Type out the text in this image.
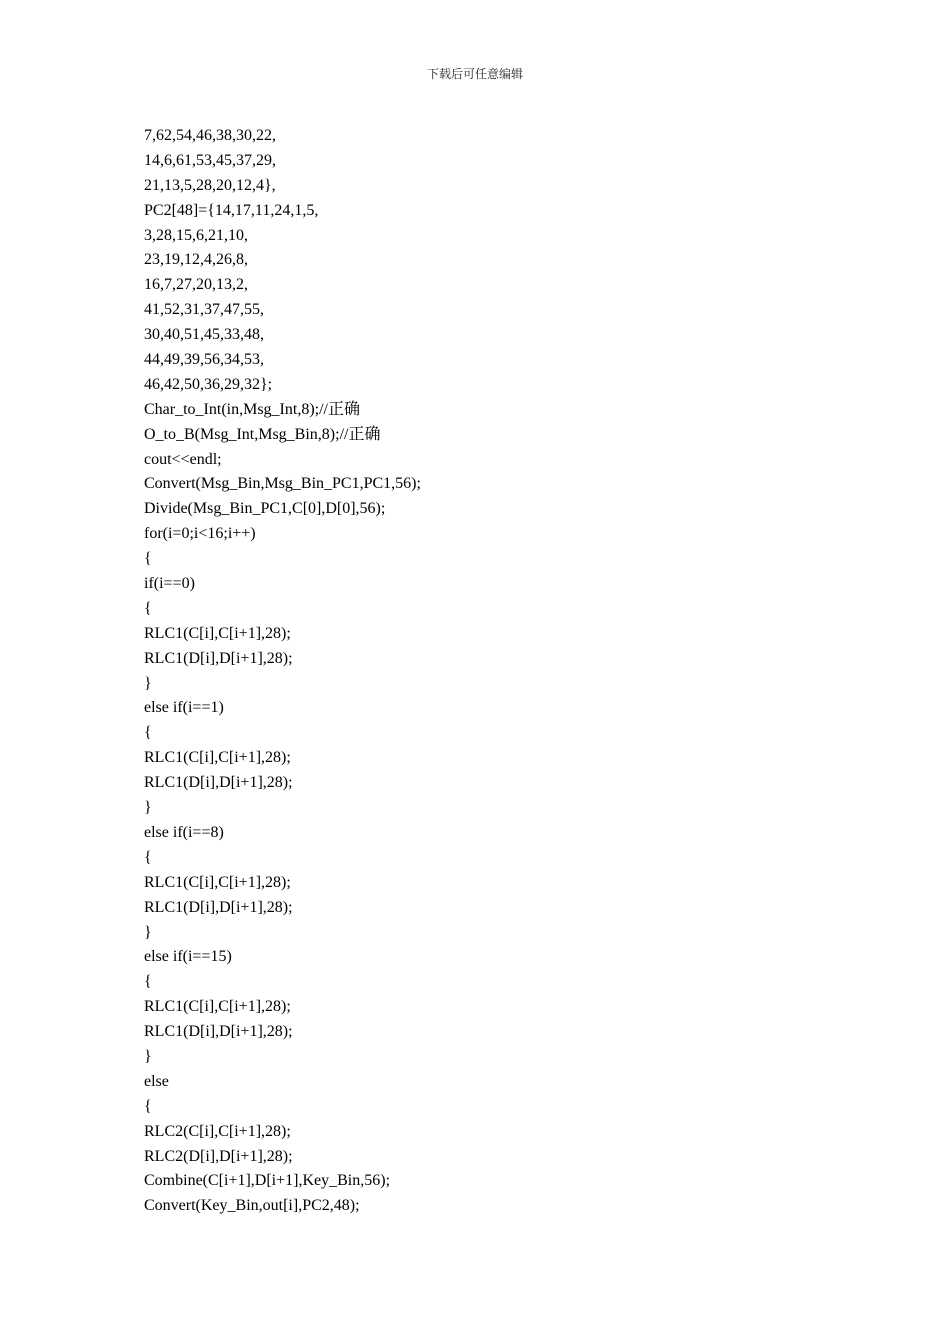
下载后可任意编辑
7,62,54,46,38,30,22,
14,6,61,53,45,37,29,
21,13,5,28,20,12,4},
PC2[48]={14,17,11,24,1,5,
3,28,15,6,21,10,
23,19,12,4,26,8,
16,7,27,20,13,2,
41,52,31,37,47,55,
30,40,51,45,33,48,
44,49,39,56,34,53,
46,42,50,36,29,32};
Char_to_Int(in,Msg_Int,8);//正确
O_to_B(Msg_Int,Msg_Bin,8);//正确
cout<<endl;
Convert(Msg_Bin,Msg_Bin_PC1,PC1,56);
Divide(Msg_Bin_PC1,C[0],D[0],56);
for(i=0;i<16;i++)
{
if(i==0)
{
RLC1(C[i],C[i+1],28);
RLC1(D[i],D[i+1],28);
}
else if(i==1)
{
RLC1(C[i],C[i+1],28);
RLC1(D[i],D[i+1],28);
}
else if(i==8)
{
RLC1(C[i],C[i+1],28);
RLC1(D[i],D[i+1],28);
}
else if(i==15)
{
RLC1(C[i],C[i+1],28);
RLC1(D[i],D[i+1],28);
}
else
{
RLC2(C[i],C[i+1],28);
RLC2(D[i],D[i+1],28);
Combine(C[i+1],D[i+1],Key_Bin,56);
Convert(Key_Bin,out[i],PC2,48);
